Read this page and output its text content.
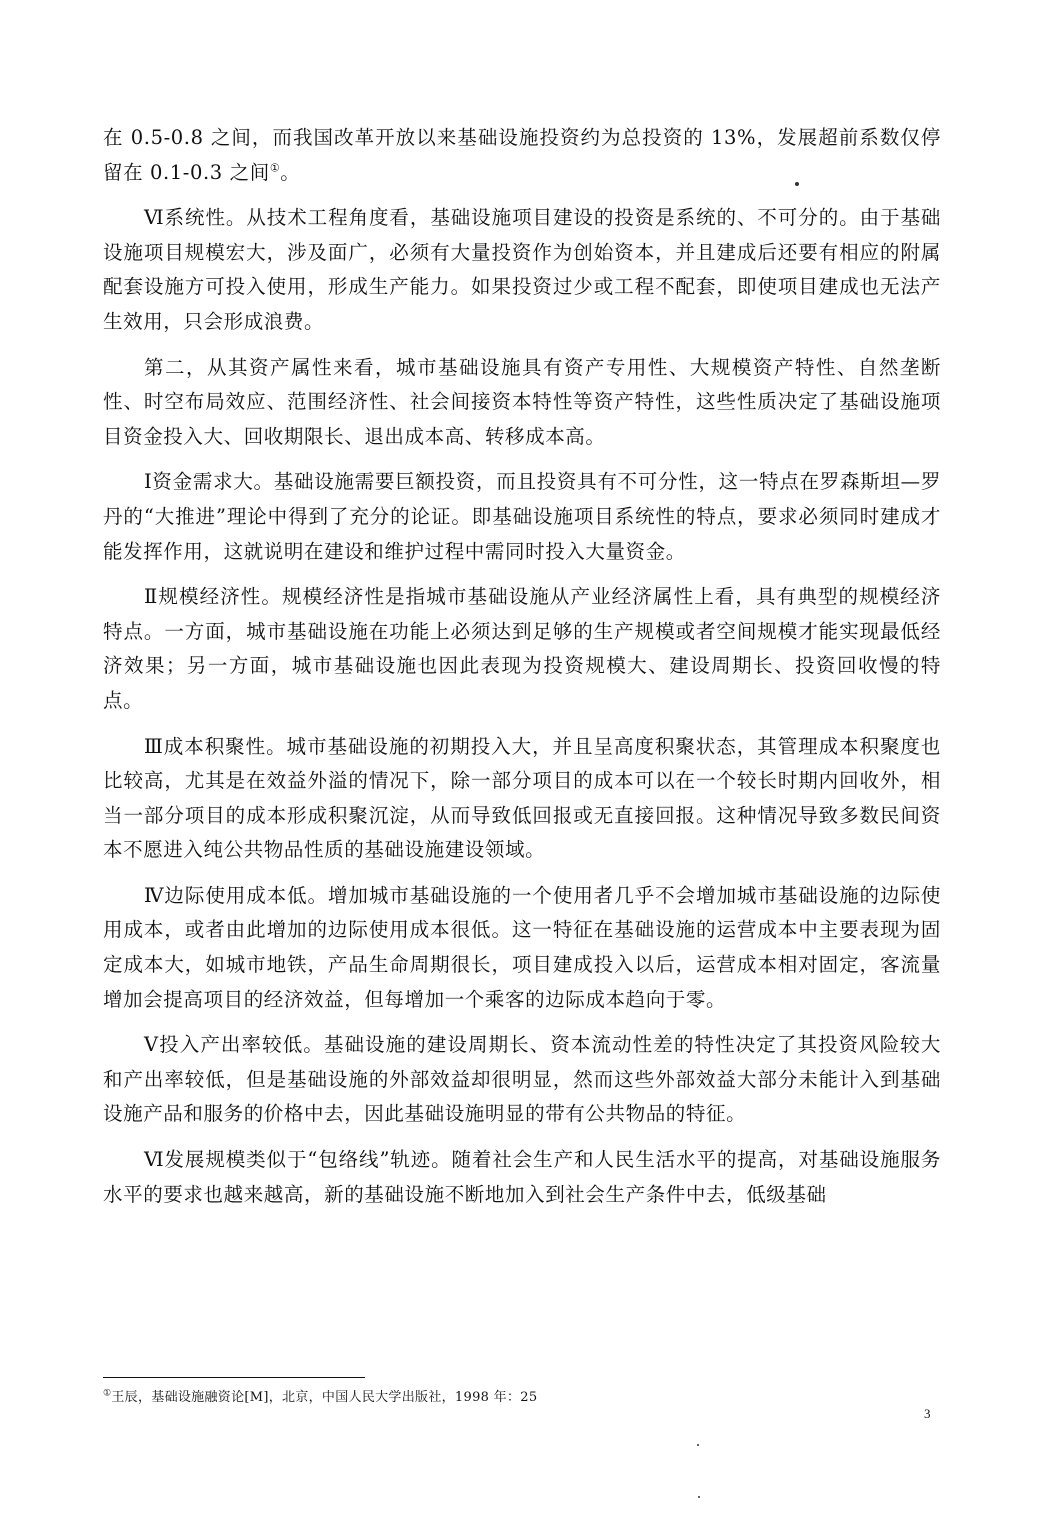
在 0.5-0.8 之间，而我国改革开放以来基础设施投资约为总投资的 13%，发展超前系数仅停留在 0.1-0.3 之间①。

Ⅵ系统性。从技术工程角度看，基础设施项目建设的投资是系统的、不可分的。由于基础设施项目规模宏大，涉及面广，必须有大量投资作为创始资本，并且建成后还要有相应的附属配套设施方可投入使用，形成生产能力。如果投资过少或工程不配套，即使项目建成也无法产生效用，只会形成浪费。

第二，从其资产属性来看，城市基础设施具有资产专用性、大规模资产特性、自然垄断性、时空布局效应、范围经济性、社会间接资本特性等资产特性，这些性质决定了基础设施项目资金投入大、回收期限长、退出成本高、转移成本高。

Ⅰ资金需求大。基础设施需要巨额投资，而且投资具有不可分性，这一特点在罗森斯坦—罗丹的“大推进”理论中得到了充分的论证。即基础设施项目系统性的特点，要求必须同时建成才能发挥作用，这就说明在建设和维护过程中需同时投入大量资金。

Ⅱ规模经济性。规模经济性是指城市基础设施从产业经济属性上看，具有典型的规模经济特点。一方面，城市基础设施在功能上必须达到足够的生产规模或者空间规模才能实现最低经济效果；另一方面，城市基础设施也因此表现为投资规模大、建设周期长、投资回收慢的特点。

Ⅲ成本积聚性。城市基础设施的初期投入大，并且呈高度积聚状态，其管理成本积聚度也比较高，尤其是在效益外溢的情况下，除一部分项目的成本可以在一个较长时期内回收外，相当一部分项目的成本形成积聚沉淀，从而导致低回报或无直接回报。这种情况导致多数民间资本不愿进入纯公共物品性质的基础设施建设领域。

Ⅳ边际使用成本低。增加城市基础设施的一个使用者几乎不会增加城市基础设施的边际使用成本，或者由此增加的边际使用成本很低。这一特征在基础设施的运营成本中主要表现为固定成本大，如城市地铁，产品生命周期很长，项目建成投入以后，运营成本相对固定，客流量增加会提高项目的经济效益，但每增加一个乘客的边际成本趋向于零。

Ⅴ投入产出率较低。基础设施的建设周期长、资本流动性差的特性决定了其投资风险较大和产出率较低，但是基础设施的外部效益却很明显，然而这些外部效益大部分未能计入到基础设施产品和服务的价格中去，因此基础设施明显的带有公共物品的特征。

Ⅵ发展规模类似于“包络线”轨迹。随着社会生产和人民生活水平的提高，对基础设施服务水平的要求也越来越高，新的基础设施不断地加入到社会生产条件中去，低级基础

①王辰，基础设施融资论[M]，北京，中国人民大学出版社，1998 年：25
3
